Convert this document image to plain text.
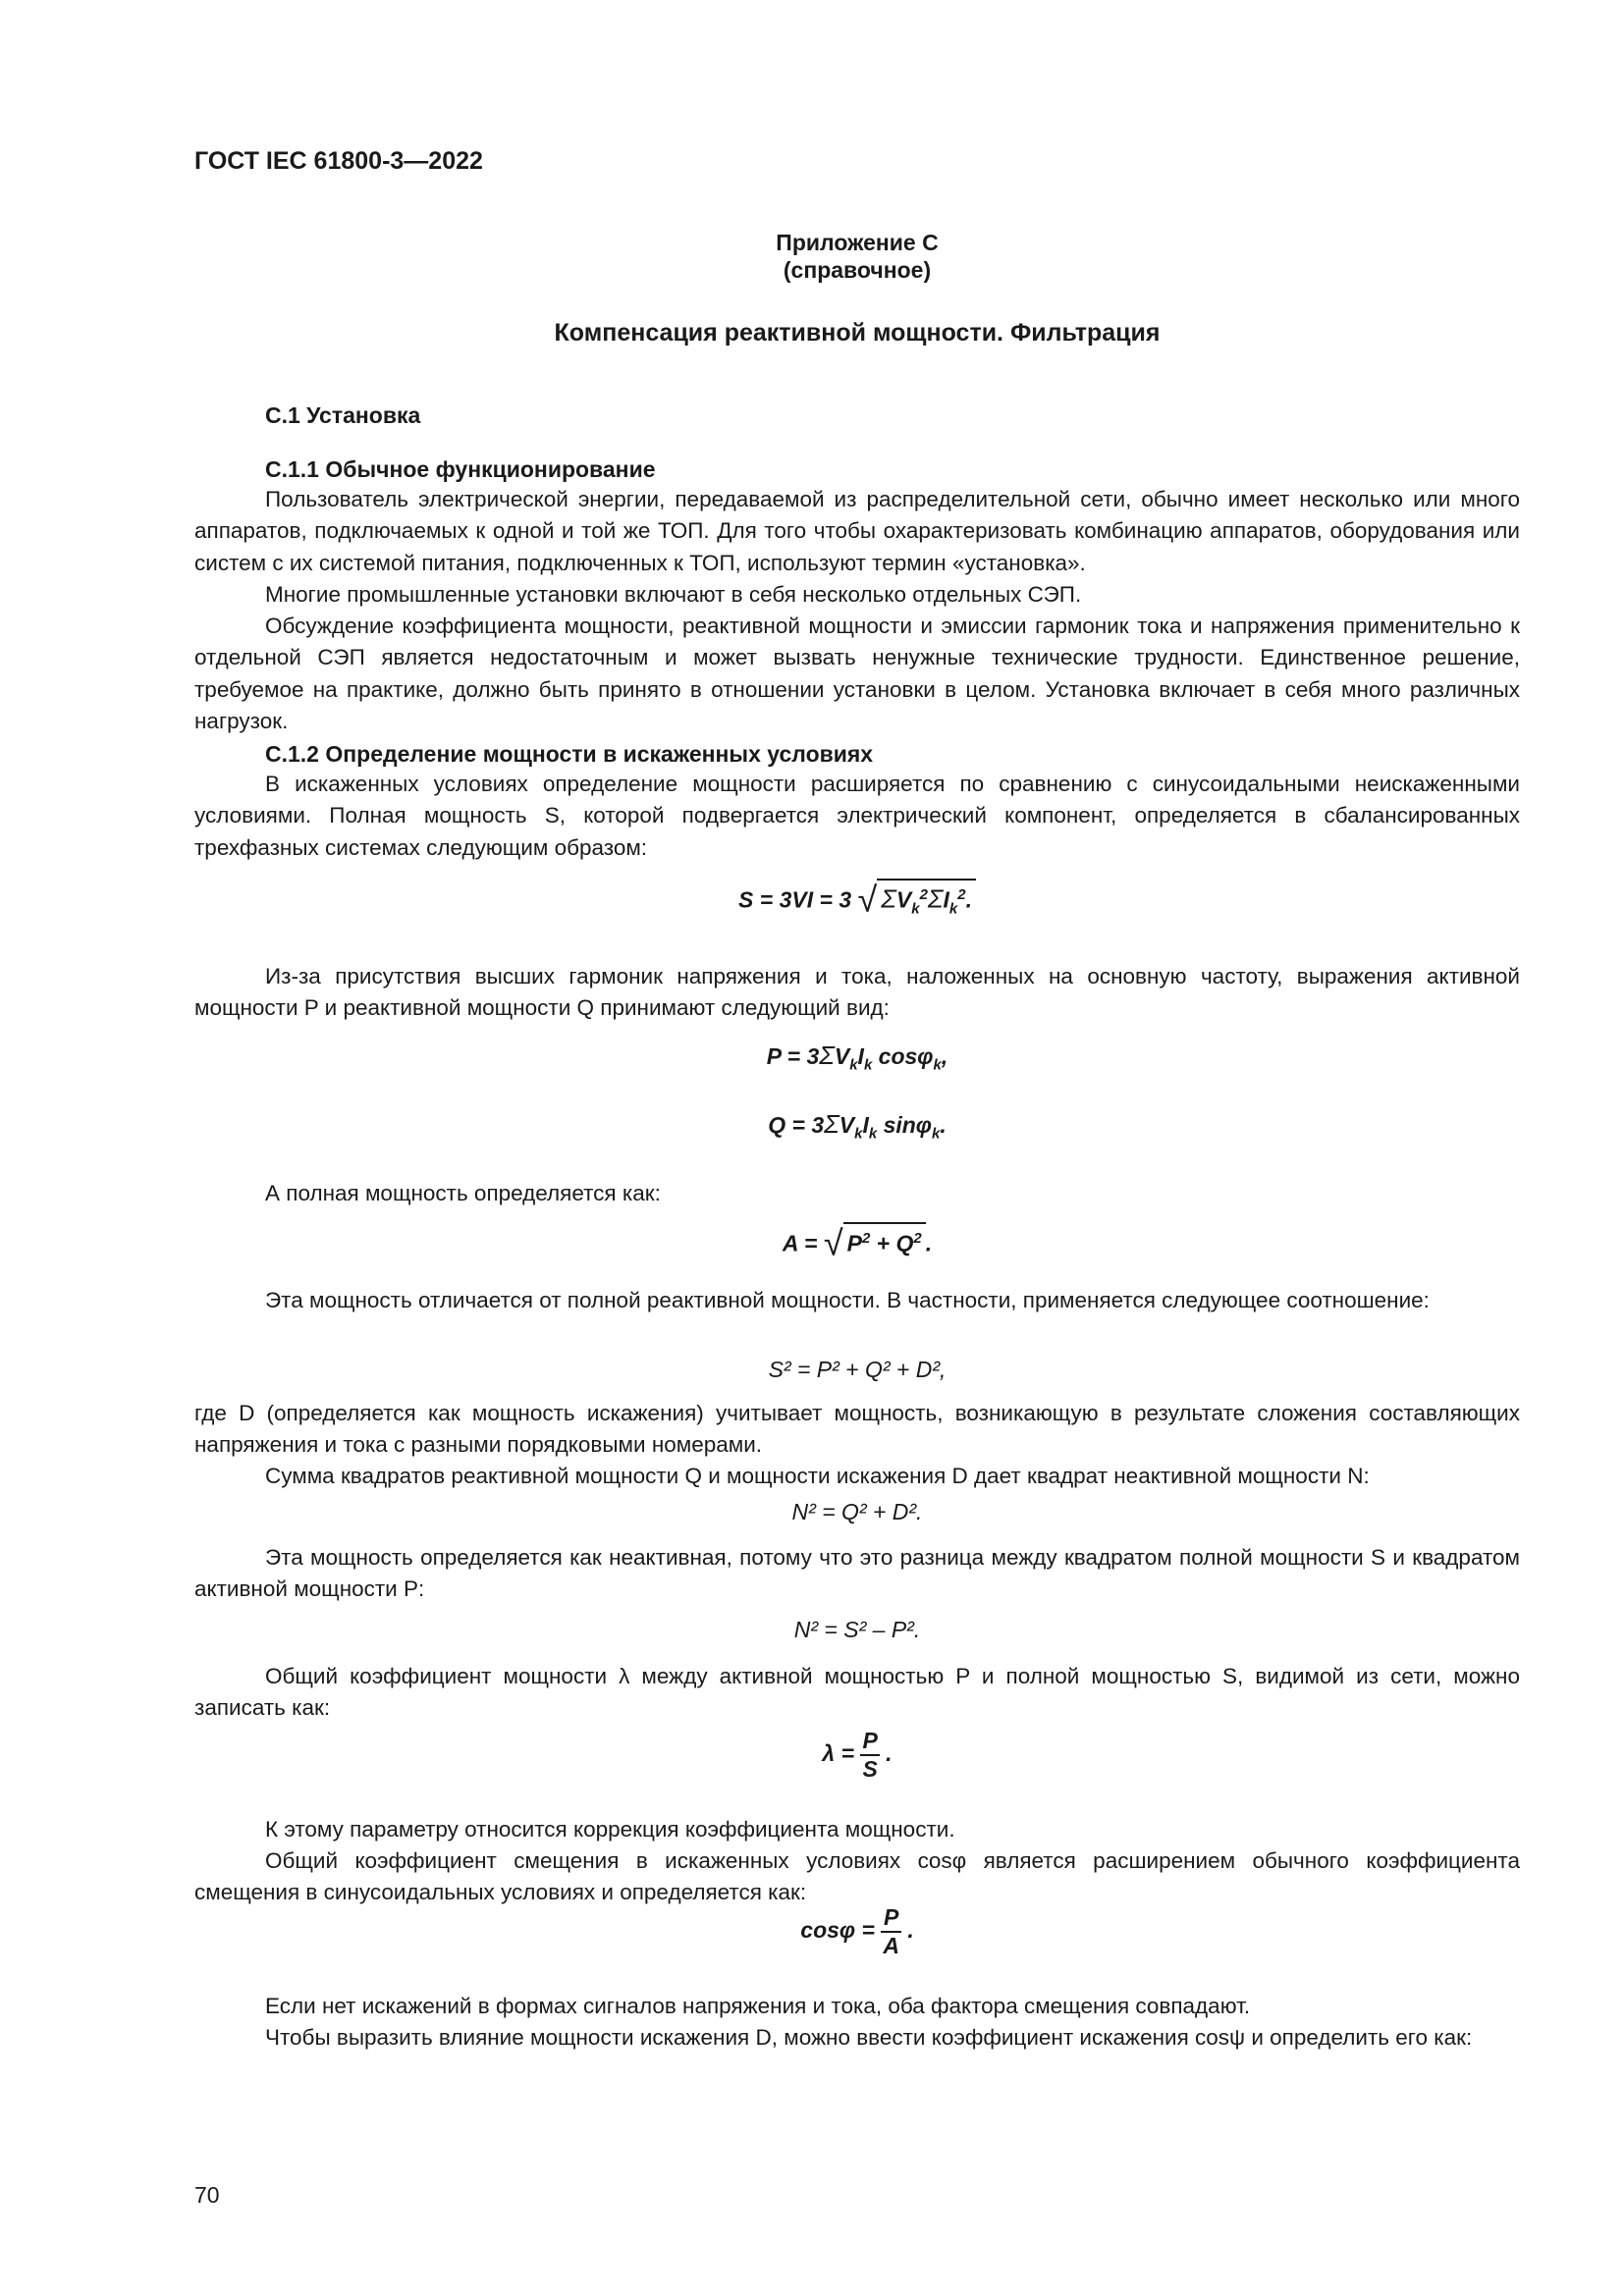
ГОСТ IEC 61800-3—2022
Приложение С
(справочное)
Компенсация реактивной мощности. Фильтрация
С.1 Установка
С.1.1 Обычное функционирование

Пользователь электрической энергии, передаваемой из распределительной сети, обычно имеет несколько или много аппаратов, подключаемых к одной и той же ТОП. Для того чтобы охарактеризовать комбинацию аппаратов, оборудования или систем с их системой питания, подключенных к ТОП, используют термин «установка».

Многие промышленные установки включают в себя несколько отдельных СЭП.

Обсуждение коэффициента мощности, реактивной мощности и эмиссии гармоник тока и напряжения применительно к отдельной СЭП является недостаточным и может вызвать ненужные технические трудности. Единственное решение, требуемое на практике, должно быть принято в отношении установки в целом. Установка включает в себя много различных нагрузок.

С.1.2 Определение мощности в искаженных условиях

В искаженных условиях определение мощности расширяется по сравнению с синусоидальными неискаженными условиями. Полная мощность S, которой подвергается электрический компонент, определяется в сбалансированных трехфазных системах следующим образом:

S = 3VI = 3 √ $\Sigma V_k^2\Sigma I_k^2$.

Из-за присутствия высших гармоник напряжения и тока, наложенных на основную частоту, выражения активной мощности P и реактивной мощности Q принимают следующий вид:

$P = 3\Sigma V_kI_k$ cosφ$_k$,
$Q = 3\Sigma V_kI_k$ sinφ$_k$.

А полная мощность определяется как:

A = √ $P^2 + Q^2$ .

Эта мощность отличается от полной реактивной мощности. В частности, применяется следующее соотношение:

S² = P² + Q² + D²,

где D (определяется как мощность искажения) учитывает мощность, возникающую в результате сложения составляющих напряжения и тока с разными порядковыми номерами.

Сумма квадратов реактивной мощности Q и мощности искажения D дает квадрат неактивной мощности N:

N² = Q² + D².

Эта мощность определяется как неактивная, потому что это разница между квадратом полной мощности S и квадратом активной мощности P:

N² = S² – P².

Общий коэффициент мощности λ между активной мощностью P и полной мощностью S, видимой из сети, можно записать как:

$\lambda = \frac{P}{S}$ .

К этому параметру относится коррекция коэффициента мощности.

Общий коэффициент смещения в искаженных условиях cosφ является расширением обычного коэффициента смещения в синусоидальных условиях и определяется как:

$\cos\varphi = \frac{P}{A}$ .

Если нет искажений в формах сигналов напряжения и тока, оба фактора смещения совпадают.

Чтобы выразить влияние мощности искажения D, можно ввести коэффициент искажения cosψ и определить его как:

70
